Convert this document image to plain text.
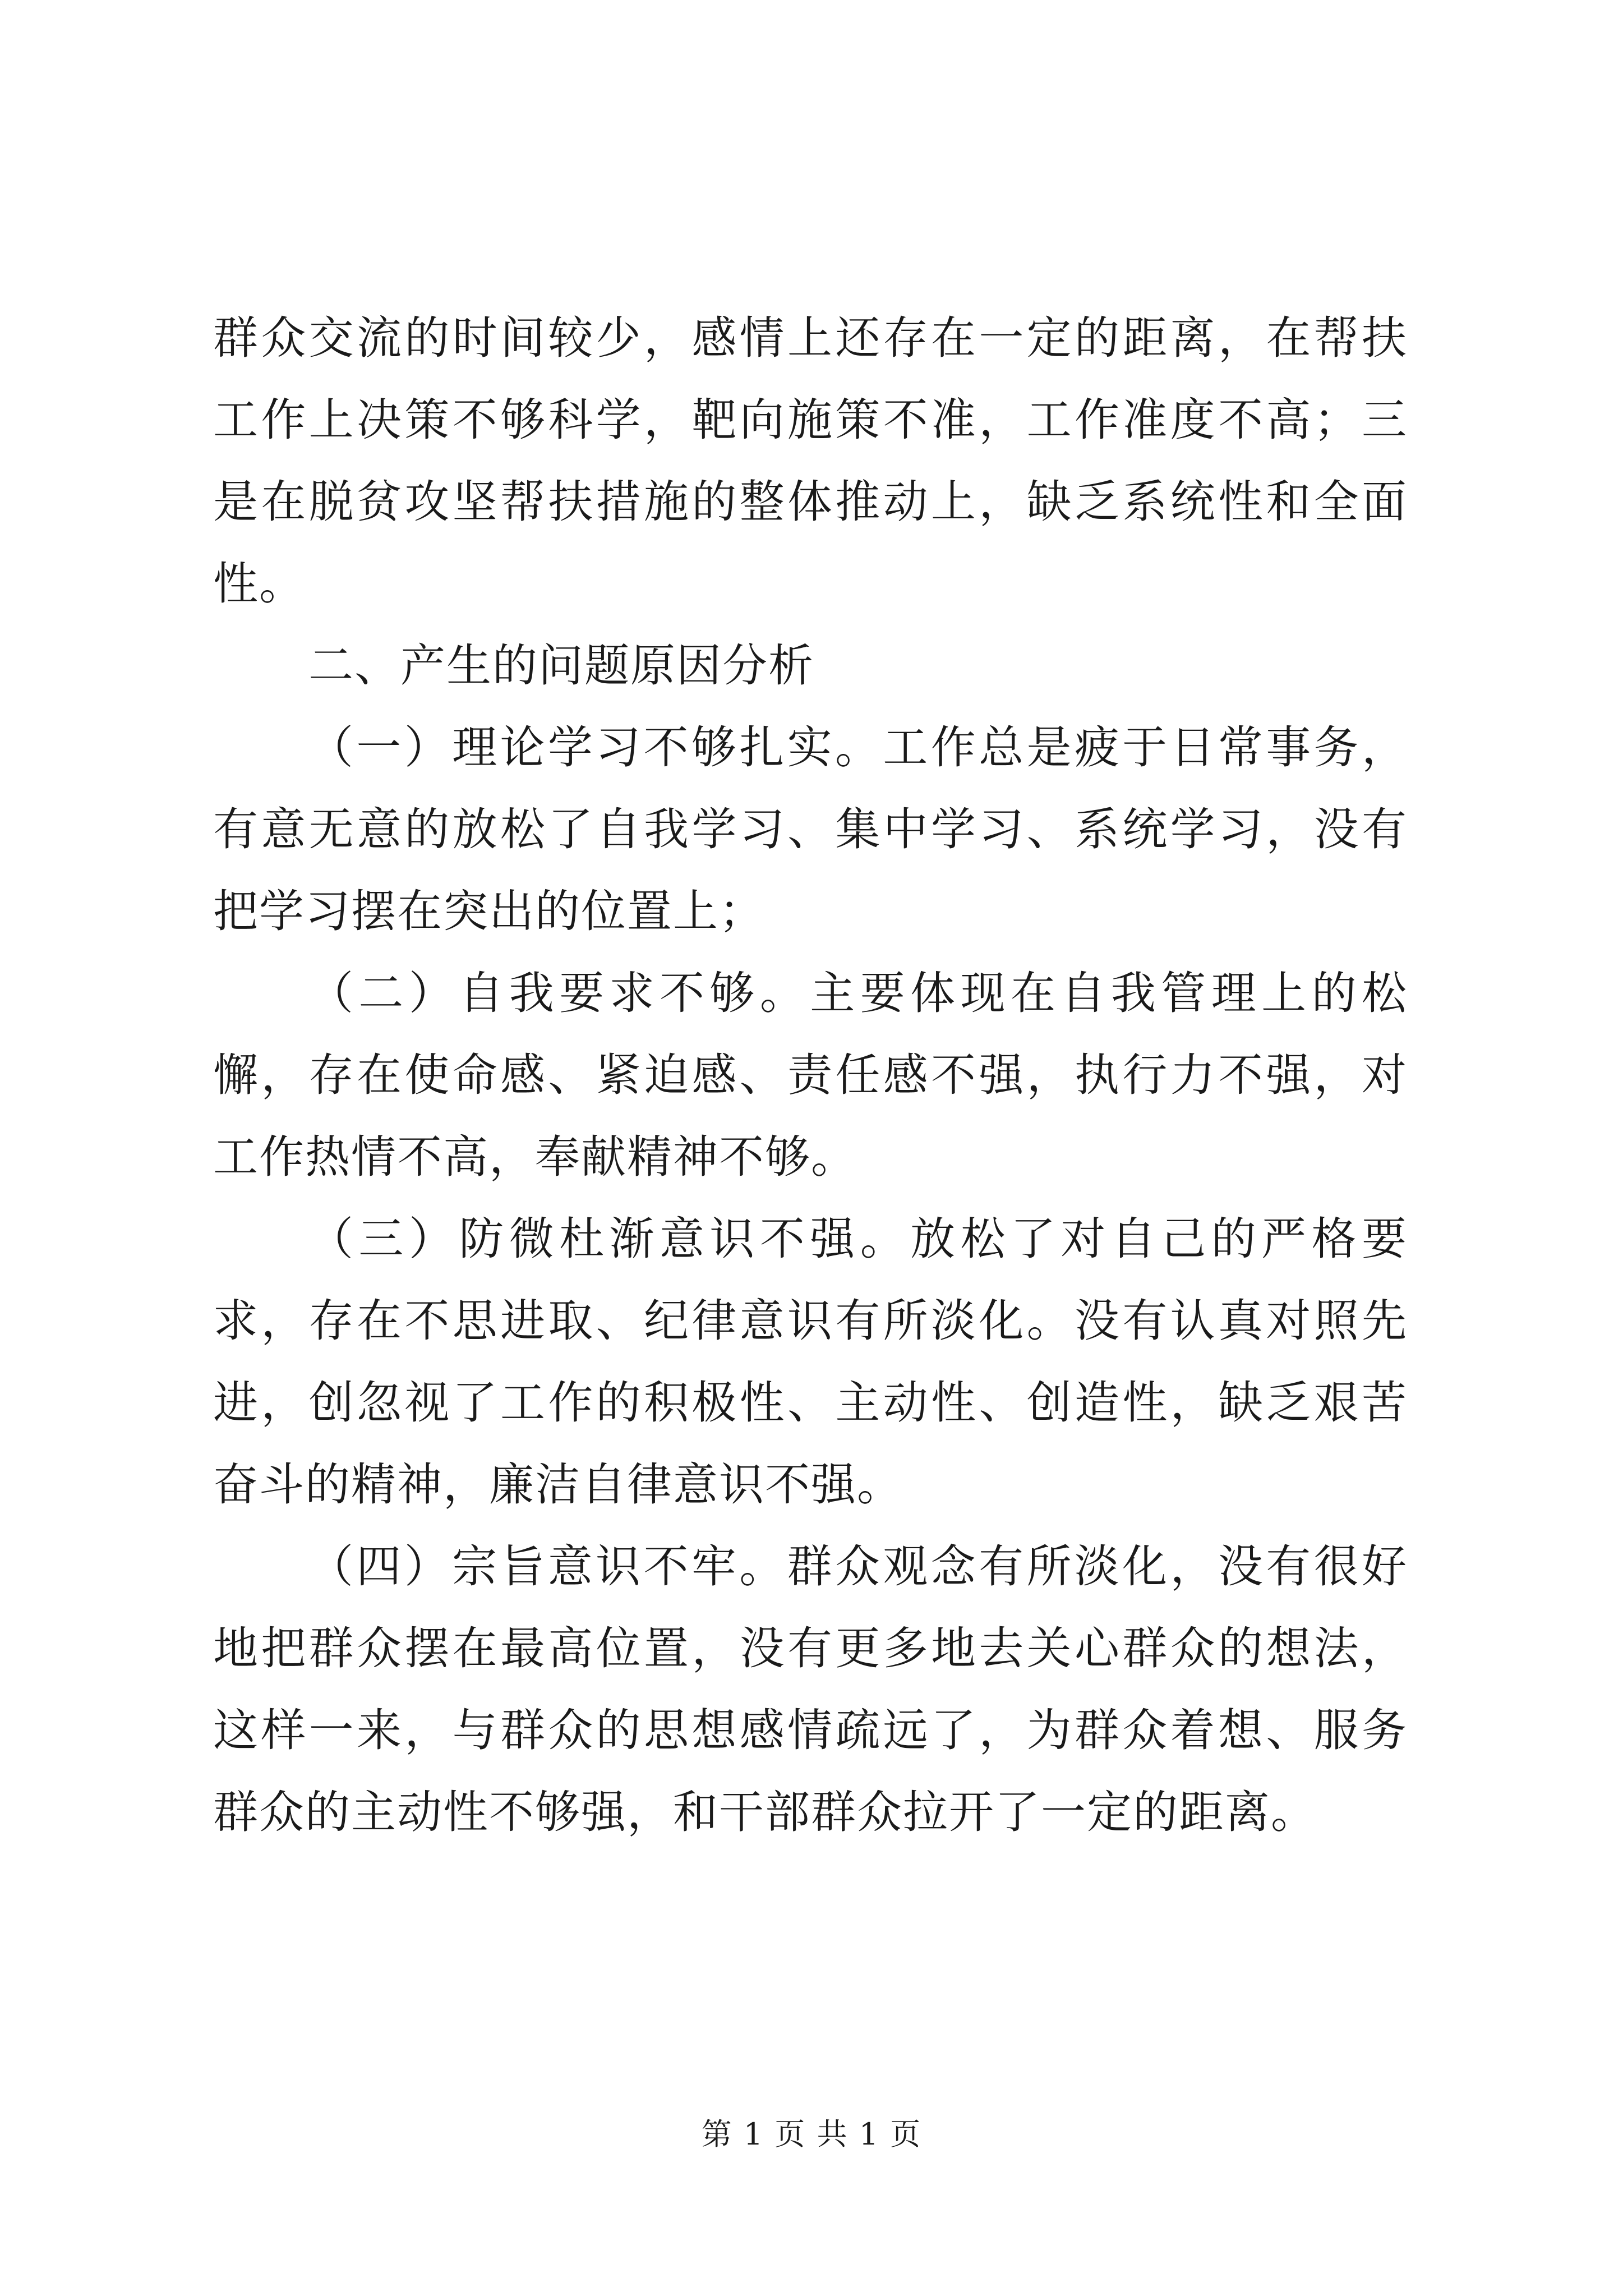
群众交流的时间较少，感情上还存在一定的距离，在帮扶工作上决策不够科学，靶向施策不准，工作准度不高；三是在脱贫攻坚帮扶措施的整体推动上，缺乏系统性和全面性。

二、产生的问题原因分析

（一）理论学习不够扎实。工作总是疲于日常事务，有意无意的放松了自我学习、集中学习、系统学习，没有把学习摆在突出的位置上；

（二）自我要求不够。主要体现在自我管理上的松懈，存在使命感、紧迫感、责任感不强，执行力不强，对工作热情不高，奉献精神不够。

（三）防微杜渐意识不强。放松了对自己的严格要求，存在不思进取、纪律意识有所淡化。没有认真对照先进，创忽视了工作的积极性、主动性、创造性，缺乏艰苦奋斗的精神，廉洁自律意识不强。

（四）宗旨意识不牢。群众观念有所淡化，没有很好地把群众摆在最高位置，没有更多地去关心群众的想法，这样一来，与群众的思想感情疏远了，为群众着想、服务群众的主动性不够强，和干部群众拉开了一定的距离。

第 1 页 共 1 页
